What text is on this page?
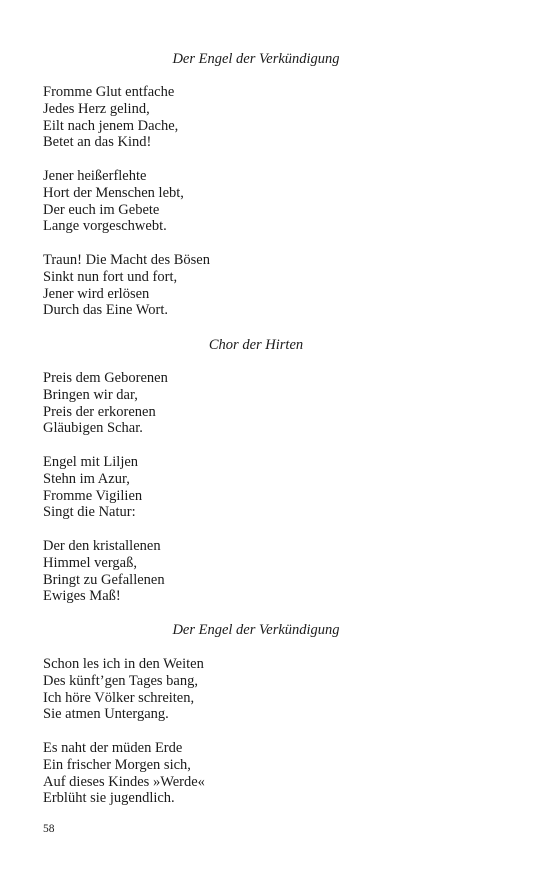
Der Engel der Verkündigung
Fromme Glut entfache
Jedes Herz gelind,
Eilt nach jenem Dache,
Betet an das Kind!
Jener heißerflehte
Hort der Menschen lebt,
Der euch im Gebete
Lange vorgeschwebt.
Traun! Die Macht des Bösen
Sinkt nun fort und fort,
Jener wird erlösen
Durch das Eine Wort.
Chor der Hirten
Preis dem Geborenen
Bringen wir dar,
Preis der erkorenen
Gläubigen Schar.
Engel mit Liljen
Stehn im Azur,
Fromme Vigilien
Singt die Natur:
Der den kristallenen
Himmel vergaß,
Bringt zu Gefallenen
Ewiges Maß!
Der Engel der Verkündigung
Schon les ich in den Weiten
Des künft’gen Tages bang,
Ich höre Völker schreiten,
Sie atmen Untergang.
Es naht der müden Erde
Ein frischer Morgen sich,
Auf dieses Kindes »Werde«
Erblüht sie jugendlich.
58
